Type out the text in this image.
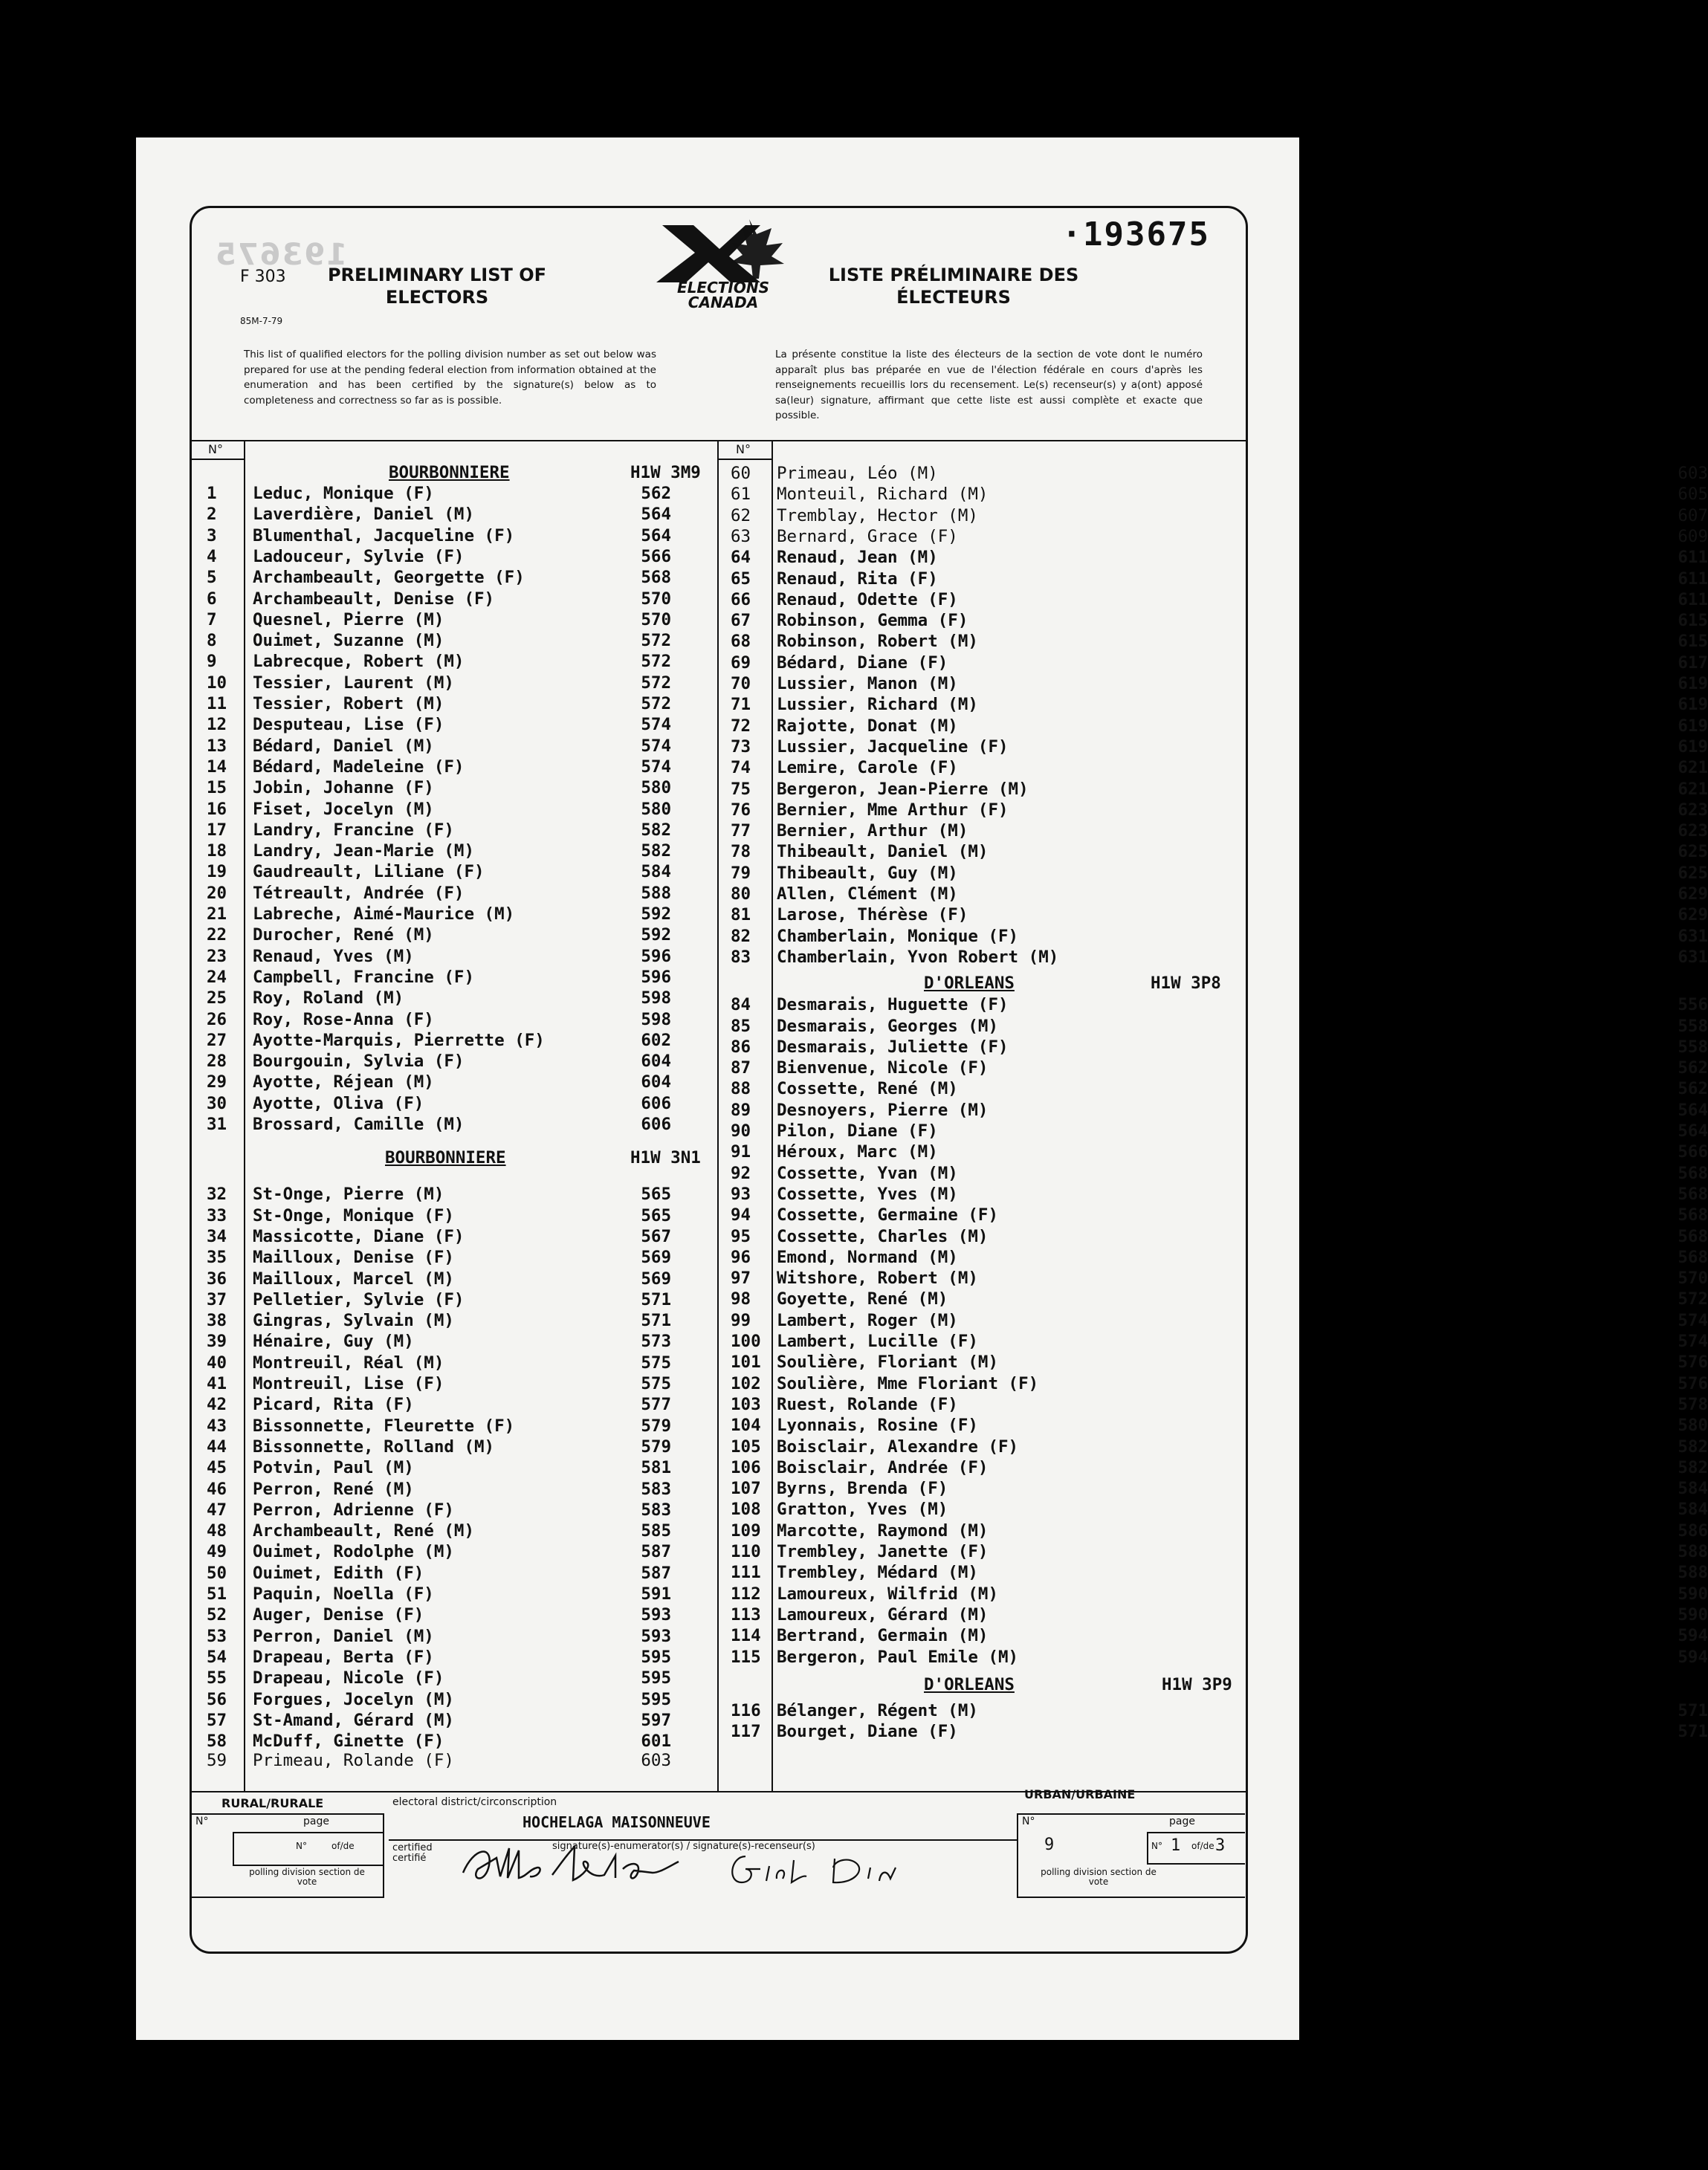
193675
·193675
F 303
85M-7-79
PRELIMINARY LIST OF
ELECTORS	ELECTIONS
CANADA
LISTE PRÉLIMINAIRE DES
ÉLECTEURS
This list of qualified electors for the polling division number as set out below was prepared for use at the pending federal election from information obtained at the enumeration and has been certified by the signature(s) below as to completeness and correctness so far as is possible.
La présente constitue la liste des électeurs de la section de vote dont le numéro apparaît plus bas préparée en vue de l'élection fédérale en cours d'après les renseignements recueillis lors du recensement. Le(s) recenseur(s) y a(ont) apposé sa(leur) signature, affirmant que cette liste est aussi complète et exacte que possible.
N°	N°
RURAL/RURALE	electoral district/circonscription
URBAN/URBAINE
HOCHELAGA MAISONNEUVE
N°	page
N°	of/de
polling division section de vote
certified certifié
signature(s)-enumerator(s) / signature(s)-recenseur(s)
N°	page
9	N° 1 of/de 3
polling division section de vote
BOURBONNIERE	H1W 3M9
1	Leduc, Monique (F)	562
2	Laverdière, Daniel (M)	564
3	Blumenthal, Jacqueline (F)	564
4	Ladouceur, Sylvie (F)	566
5	Archambeault, Georgette (F)	568
6	Archambeault, Denise (F)	570
7	Quesnel, Pierre (M)	570
8	Ouimet, Suzanne (M)	572
9	Labrecque, Robert (M)	572
10	Tessier, Laurent (M)	572
11	Tessier, Robert (M)	572
12	Desputeau, Lise (F)	574
13	Bédard, Daniel (M)	574
14	Bédard, Madeleine (F)	574
15	Jobin, Johanne (F)	580
16	Fiset, Jocelyn (M)	580
17	Landry, Francine (F)	582
18	Landry, Jean-Marie (M)	582
19	Gaudreault, Liliane (F)	584
20	Tétreault, Andrée (F)	588
21	Labreche, Aimé-Maurice (M)	592
22	Durocher, René (M)	592
23	Renaud, Yves (M)	596
24	Campbell, Francine (F)	596
25	Roy, Roland (M)	598
26	Roy, Rose-Anna (F)	598
27	Ayotte-Marquis, Pierrette (F)	602
28	Bourgouin, Sylvia (F)	604
29	Ayotte, Réjean (M)	604
30	Ayotte, Oliva (F)	606
31	Brossard, Camille (M)	606
BOURBONNIERE	H1W 3N1
32	St-Onge, Pierre (M)	565
33	St-Onge, Monique (F)	565
34	Massicotte, Diane (F)	567
35	Mailloux, Denise (F)	569
36	Mailloux, Marcel (M)	569
37	Pelletier, Sylvie (F)	571
38	Gingras, Sylvain (M)	571
39	Hénaire, Guy (M)	573
40	Montreuil, Réal (M)	575
41	Montreuil, Lise (F)	575
42	Picard, Rita (F)	577
43	Bissonnette, Fleurette (F)	579
44	Bissonnette, Rolland (M)	579
45	Potvin, Paul (M)	581
46	Perron, René (M)	583
47	Perron, Adrienne (F)	583
48	Archambeault, René (M)	585
49	Ouimet, Rodolphe (M)	587
50	Ouimet, Edith (F)	587
51	Paquin, Noella (F)	591
52	Auger, Denise (F)	593
53	Perron, Daniel (M)	593
54	Drapeau, Berta (F)	595
55	Drapeau, Nicole (F)	595
56	Forgues, Jocelyn (M)	595
57	St-Amand, Gérard (M)	597
58	McDuff, Ginette (F)	601
59	Primeau, Rolande (F)	603
60	Primeau, Léo (M)	603
61	Monteuil, Richard (M)	605
62	Tremblay, Hector (M)	607
63	Bernard, Grace (F)	609
64	Renaud, Jean (M)	611
65	Renaud, Rita (F)	611
66	Renaud, Odette (F)	611
67	Robinson, Gemma (F)	615
68	Robinson, Robert (M)	615
69	Bédard, Diane (F)	617
70	Lussier, Manon (M)	619
71	Lussier, Richard (M)	619
72	Rajotte, Donat (M)	619
73	Lussier, Jacqueline (F)	619
74	Lemire, Carole (F)	621
75	Bergeron, Jean-Pierre (M)	621
76	Bernier, Mme Arthur (F)	623
77	Bernier, Arthur (M)	623
78	Thibeault, Daniel (M)	625
79	Thibeault, Guy (M)	625
80	Allen, Clément (M)	629
81	Larose, Thérèse (F)	629
82	Chamberlain, Monique (F)	631
83	Chamberlain, Yvon Robert (M)	631
D'ORLEANS	H1W 3P8
84	Desmarais, Huguette (F)	556
85	Desmarais, Georges (M)	558
86	Desmarais, Juliette (F)	558
87	Bienvenue, Nicole (F)	562
88	Cossette, René (M)	562
89	Desnoyers, Pierre (M)	564
90	Pilon, Diane (F)	564
91	Héroux, Marc (M)	566
92	Cossette, Yvan (M)	568
93	Cossette, Yves (M)	568
94	Cossette, Germaine (F)	568
95	Cossette, Charles (M)	568
96	Emond, Normand (M)	568
97	Witshore, Robert (M)	570
98	Goyette, René (M)	572
99	Lambert, Roger (M)	574
100 Lambert, Lucille (F)	574
101 Soulière, Floriant (M)	576
102 Soulière, Mme Floriant (F)	576
103 Ruest, Rolande (F)	578
104 Lyonnais, Rosine (F)	580
105 Boisclair, Alexandre (F)	582
106 Boisclair, Andrée (F)	582
107 Byrns, Brenda (F)	584
108 Gratton, Yves (M)	584
109 Marcotte, Raymond (M)	586
110 Trembley, Janette (F)	588
111 Trembley, Médard (M)	588
112 Lamoureux, Wilfrid (M)	590
113 Lamoureux, Gérard (M)	590
114 Bertrand, Germain (M)	594
115 Bergeron, Paul Emile (M)	594
D'ORLEANS	H1W 3P9
116 Bélanger, Régent (M)	571
117 Bourget, Diane (F)	571
